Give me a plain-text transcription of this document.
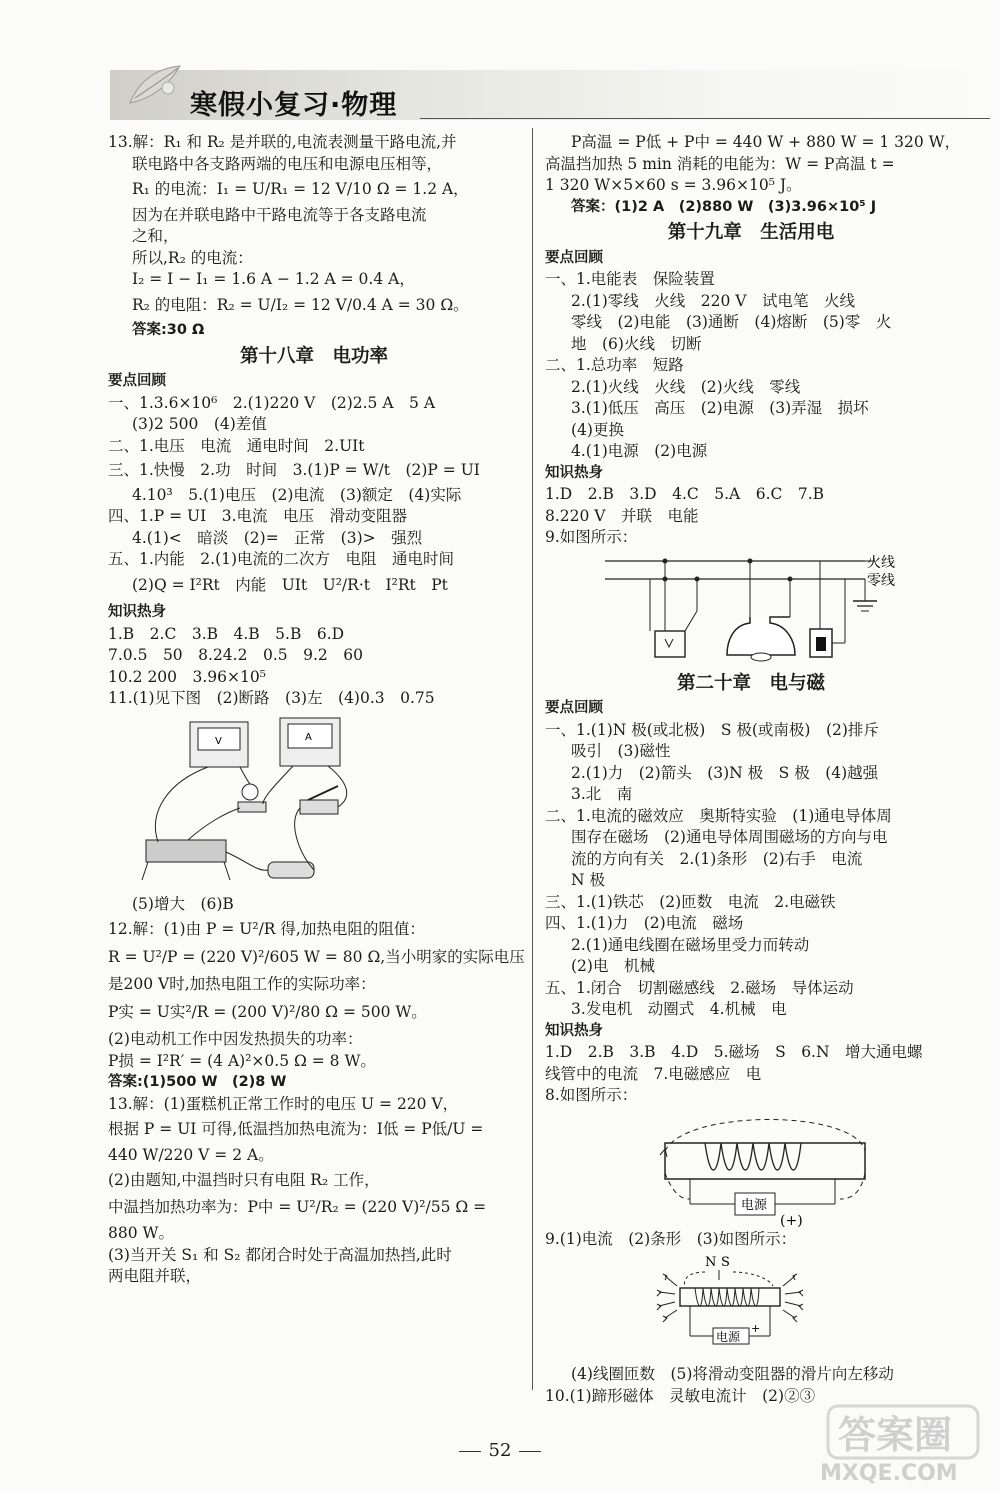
寒假小复习·物理
13.解：R₁ 和 R₂ 是并联的,电流表测量干路电流,并
联电路中各支路两端的电压和电源电压相等，
R₁ 的电流：I₁ = U/R₁ = 12 V/10 Ω = 1.2 A，
因为在并联电路中干路电流等于各支路电流
之和，
所以,R₂ 的电流：
I₂ = I − I₁ = 1.6 A − 1.2 A = 0.4 A，
R₂ 的电阻：R₂ = U/I₂ = 12 V/0.4 A = 30 Ω。
答案:30 Ω
第十八章　电功率
要点回顾
一、1.3.6×10⁶　2.(1)220 V　(2)2.5 A　5 A
(3)2 500　(4)差值
二、1.电压　电流　通电时间　2.UIt
三、1.快慢　2.功　时间　3.(1)P = W/t　(2)P = UI
4.10³　5.(1)电压　(2)电流　(3)额定　(4)实际
四、1.P = UI　3.电流　电压　滑动变阻器
4.(1)<　暗淡　(2)=　正常　(3)>　强烈
五、1.内能　2.(1)电流的二次方　电阻　通电时间
(2)Q = I²Rt　内能　UIt　U²/R·t　I²Rt　Pt
知识热身
1.B　2.C　3.B　4.B　5.B　6.D
7.0.5　50　8.24.2　0.5　9.2　60
10.2 200　3.96×10⁵
11.(1)见下图　(2)断路　(3)左　(4)0.3　0.75
V	A
(5)增大　(6)B
12.解：(1)由 P = U²/R 得,加热电阻的阻值：
R = U²/P = (220 V)²/605 W = 80 Ω,当小明家的实际电压
是200 V时,加热电阻工作的实际功率：
P实 = U实²/R = (200 V)²/80 Ω = 500 W。
(2)电动机工作中因发热损失的功率：
P损 = I²R′ = (4 A)²×0.5 Ω = 8 W。
答案:(1)500 W　(2)8 W
13.解：(1)蛋糕机正常工作时的电压 U = 220 V，
根据 P = UI 可得,低温挡加热电流为：I低 = P低/U =
440 W/220 V = 2 A。
(2)由题知,中温挡时只有电阻 R₂ 工作，
中温挡加热功率为：P中 = U²/R₂ = (220 V)²/55 Ω =
880 W。
(3)当开关 S₁ 和 S₂ 都闭合时处于高温加热挡,此时
两电阻并联，
P高温 = P低 + P中 = 440 W + 880 W = 1 320 W，
高温挡加热 5 min 消耗的电能为：W = P高温 t =
1 320 W×5×60 s = 3.96×10⁵ J。
答案：(1)2 A　(2)880 W　(3)3.96×10⁵ J
第十九章　生活用电
要点回顾
一、1.电能表　保险装置
2.(1)零线　火线　220 V　试电笔　火线
零线　(2)电能　(3)通断　(4)熔断　(5)零　火
地　(6)火线　切断
二、1.总功率　短路
2.(1)火线　火线　(2)火线　零线
3.(1)低压　高压　(2)电源　(3)弄湿　损坏
(4)更换
4.(1)电源　(2)电源
知识热身
1.D　2.B　3.D　4.C　5.A　6.C　7.B
8.220 V　并联　电能
9.如图所示：
火线
零线
第二十章　电与磁
要点回顾
一、1.(1)N 极(或北极)　S 极(或南极)　(2)排斥
吸引　(3)磁性
2.(1)力　(2)箭头　(3)N 极　S 极　(4)越强
3.北　南
二、1.电流的磁效应　奥斯特实验　(1)通电导体周
围存在磁场　(2)通电导体周围磁场的方向与电
流的方向有关　2.(1)条形　(2)右手　电流
N 极
三、1.(1)铁芯　(2)匝数　电流　2.电磁铁
四、1.(1)力　(2)电流　磁场
2.(1)通电线圈在磁场里受力而转动
(2)电　机械
五、1.闭合　切割磁感线　2.磁场　导体运动
3.发电机　动圈式　4.机械　电
知识热身
1.D　2.B　3.B　4.D　5.磁场　S　6.N　增大通电螺
线管中的电流　7.电磁感应　电
8.如图所示：
电源
(+)
9.(1)电流　(2)条形　(3)如图所示：
N S
电源
+
(4)线圈匝数　(5)将滑动变阻器的滑片向左移动
10.(1)蹄形磁体　灵敏电流计　(2)②③
52	答案圈
MXQE.COM
